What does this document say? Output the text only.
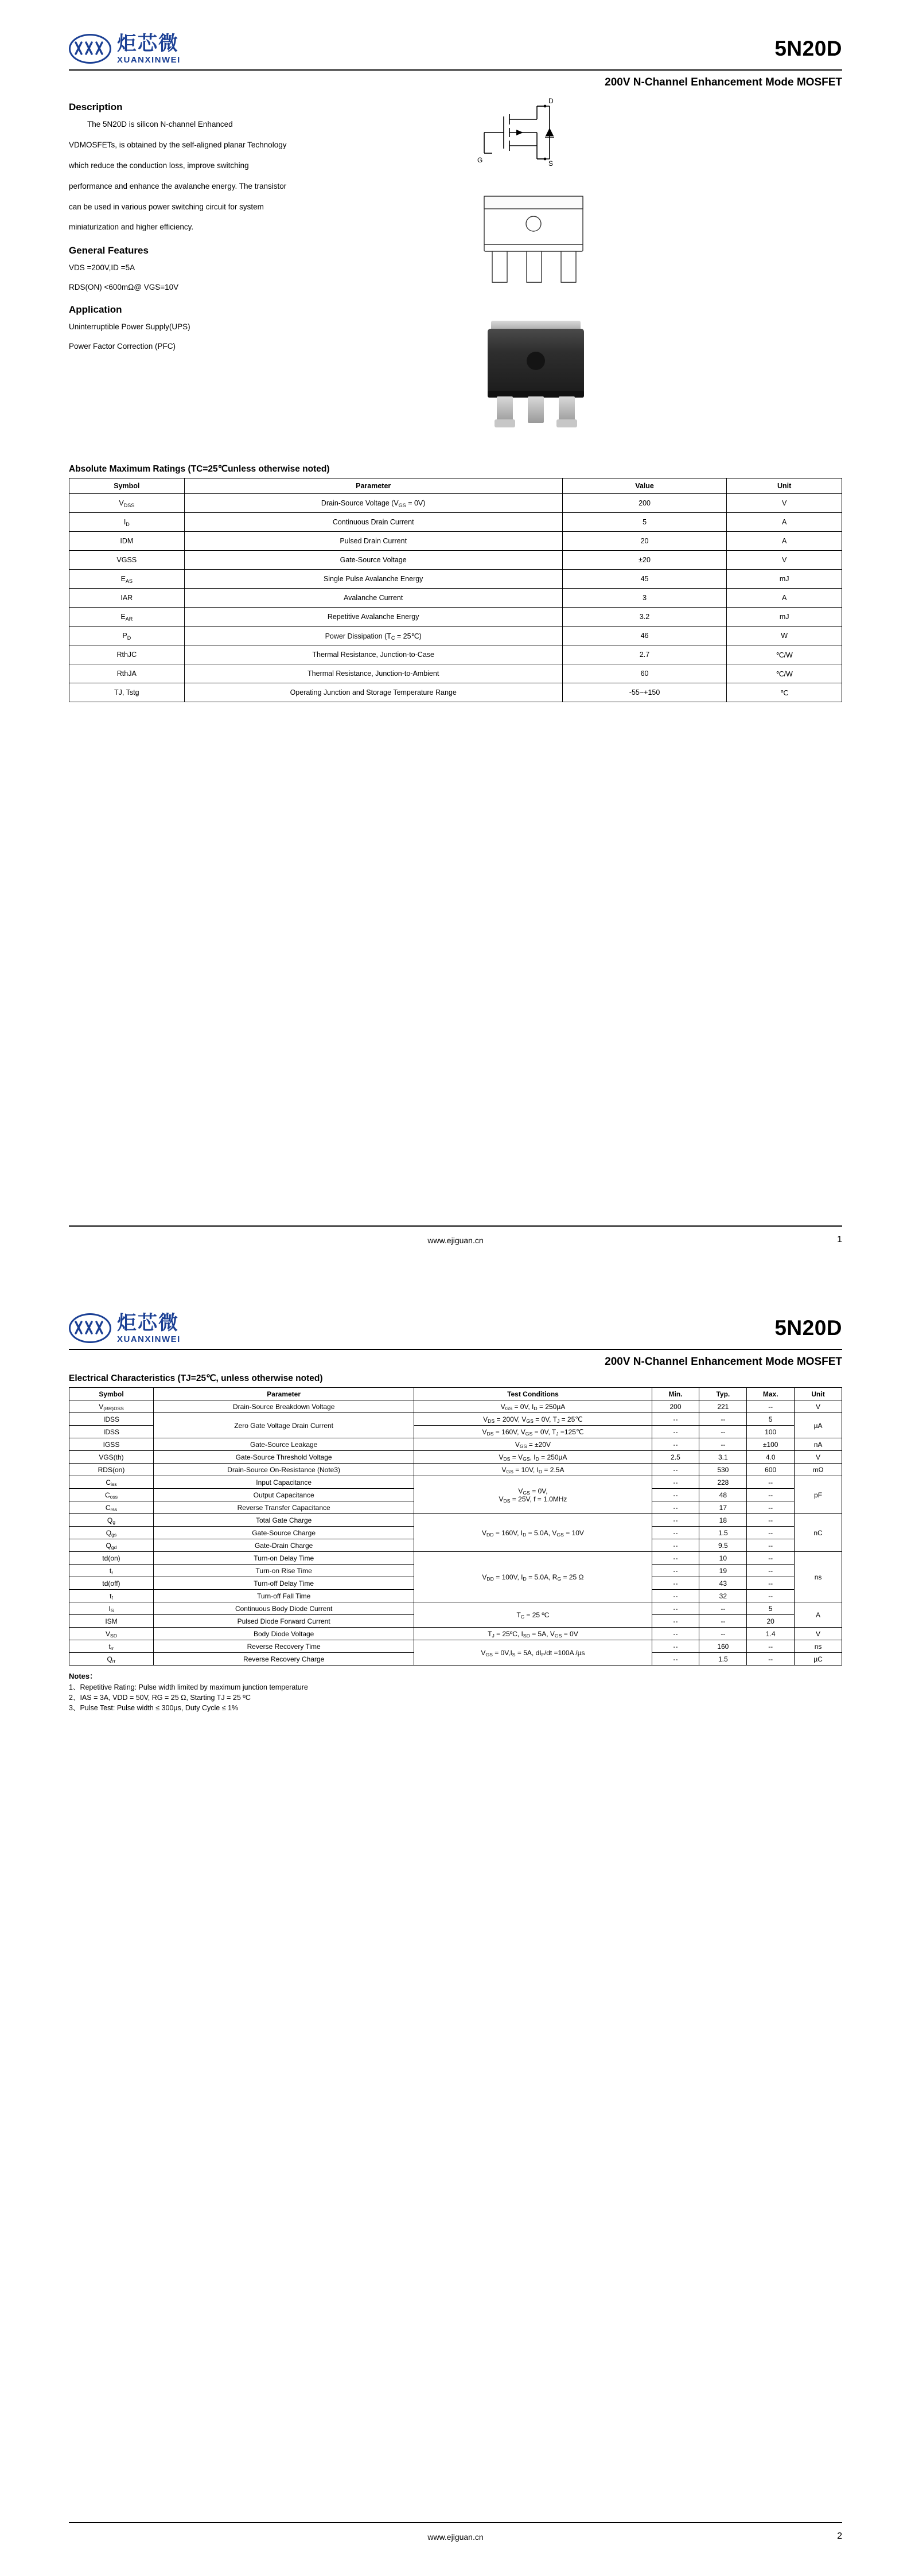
炬芯微
XUANXINWEI	5N20D
200V N-Channel Enhancement Mode MOSFET
Description

The 5N20D is silicon N-channel Enhanced

VDMOSFETs, is obtained by the self-aligned planar Technology

which reduce the conduction loss, improve switching

performance and enhance the avalanche energy. The transistor

can be used in various power switching circuit for system

miniaturization and higher efficiency.

General Features
VDS =200V,ID =5A
RDS(ON) <600mΩ@ VGS=10V
Application
Uninterruptible Power Supply(UPS)
Power Factor Correction (PFC)
D
S
G

Absolute Maximum Ratings (TC=25℃unless otherwise noted)
Symbol	Parameter	Value	Unit
$V_{DSS}$	Drain-Source Voltage $(V_{GS} = 0V)$	200	V
$I_D$	Continuous Drain Current	5	A
IDM	Pulsed Drain Current	20	A
VGSS	Gate-Source Voltage	±20	V
$E_{AS}$	Single Pulse Avalanche Energy	45	mJ
IAR	Avalanche Current	3	A
$E_{AR}$	Repetitive Avalanche Energy	3.2	mJ
$P_D$	Power Dissipation ($T_C$ = 25℃)	46	W
RthJC	Thermal Resistance, Junction-to-Case	2.7	℃/W
RthJA	Thermal Resistance, Junction-to-Ambient	60	℃/W
TJ, Tstg	Operating Junction and Storage Temperature Range	-55~+150	℃
www.ejiguan.cn	1
炬芯微
XUANXINWEI	5N20D
200V N-Channel Enhancement Mode MOSFET
Electrical Characteristics (TJ=25℃, unless otherwise noted)
Symbol	Parameter	Test Conditions	Min.	Typ.	Max.	Unit
$V_{(BR)DSS}$	Drain-Source Breakdown Voltage	$V_{GS} = 0V$, $I_D = 250\mu A$	200	221	--	V
IDSS	Zero Gate Voltage Drain Current	$V_{DS} = 200V$, $V_{GS} = 0V$, $T_J$ = 25℃	--	--	5	µA
IDSS		$V_{DS} = 160V$, $V_{GS} = 0V$, $T_J$ =125℃	--	--	100	
IGSS	Gate-Source Leakage	$V_{GS} = \pm 20V$	--	--	±100	nA
VGS(th)	Gate-Source Threshold Voltage	$V_{DS} = V_{GS}$, $I_D = 250\mu A$	2.5	3.1	4.0	V
RDS(on)	Drain-Source On-Resistance (Note3)	$V_{GS} = 10V$, $I_D = 2.5A$	--	530	600	mΩ
$C_{iss}$	Input Capacitance	$V_{GS} = 0V$,
$V_{DS} = 25V$, f = 1.0MHz	--	228	--	pF
$C_{oss}$	Output Capacitance		--	48	--	
$C_{rss}$	Reverse Transfer Capacitance		--	17	--	
$Q_g$	Total Gate Charge	$V_{DD} = 160V$, $I_D = 5.0A$, $V_{GS} = 10V$	--	18	--	nC
$Q_{gs}$	Gate-Source Charge		--	1.5	--	
$Q_{gd}$	Gate-Drain Charge		--	9.5	--	
td(on)	Turn-on Delay Time	$V_{DD} = 100V$, $I_D = 5.0A$, $R_G = 25$ Ω	--	10	--	ns
$t_r$	Turn-on Rise Time		--	19	--	
td(off)	Turn-off Delay Time		--	43	--	
$t_f$	Turn-off Fall Time		--	32	--	
$I_S$	Continuous Body Diode Current	$T_C = 25$ ºC	--	--	5	A
ISM	Pulsed Diode Forward Current		--	--	20	
$V_{SD}$	Body Diode Voltage	$T_J$ = 25ºC, $I_{SD} = 5A$, $V_{GS} = 0V$	--	--	1.4	V
$t_{rr}$	Reverse Recovery Time	$V_{GS} = 0V,I_S = 5A$, $dI_F/dt =100A$ /µs	--	160	--	ns
$Q_{rr}$	Reverse Recovery Charge		--	1.5	--	µC
Notes：
1、Repetitive Rating: Pulse width limited by maximum junction temperature
2、IAS = 3A, VDD = 50V, RG = 25 Ω, Starting TJ = 25 ºC
3、Pulse Test: Pulse width ≤ 300µs, Duty Cycle ≤ 1%
www.ejiguan.cn	2
